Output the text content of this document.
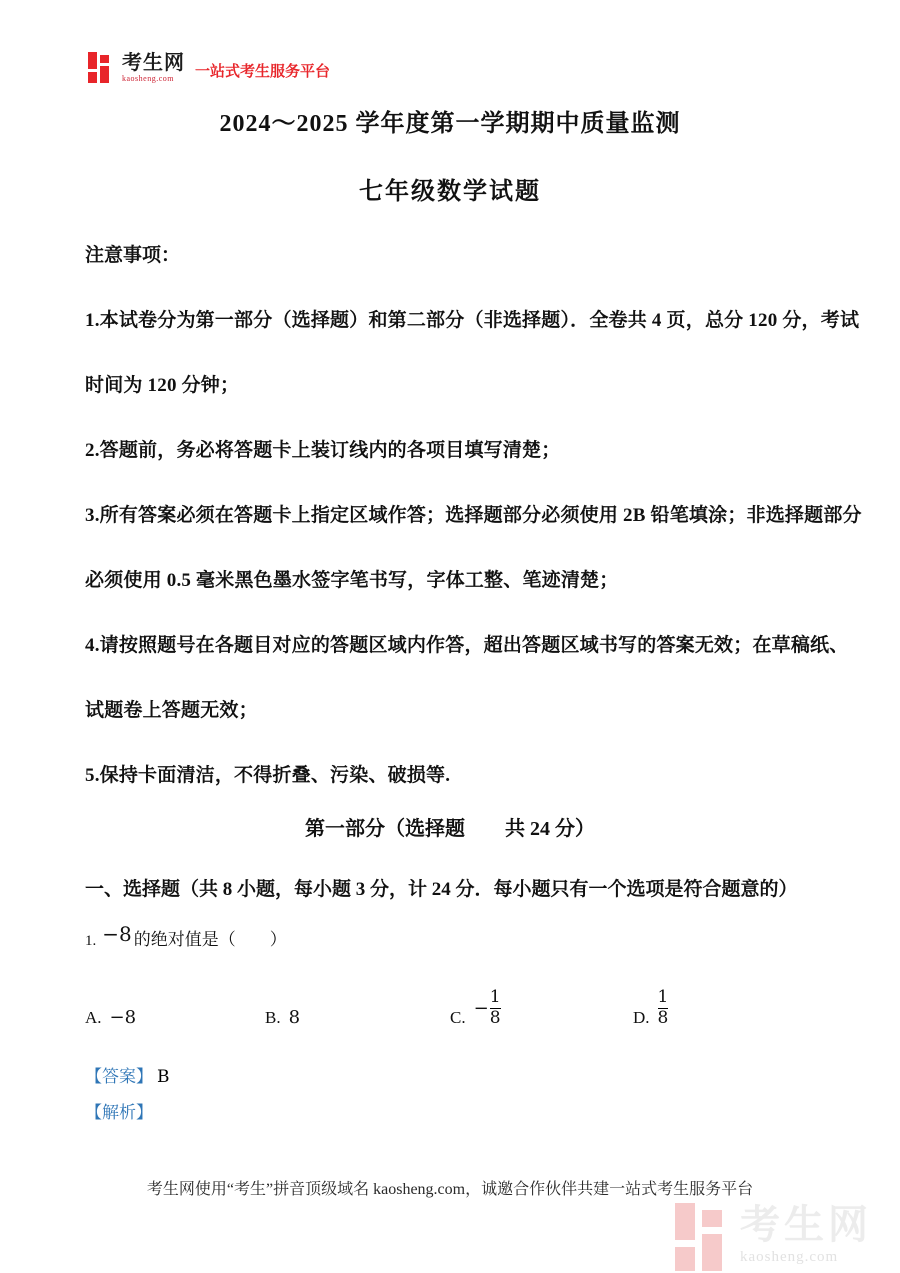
考生网
kaosheng.com	一站式考生服务平台
2024～2025 学年度第一学期期中质量监测
七年级数学试题
注意事项：
1.本试卷分为第一部分（选择题）和第二部分（非选择题）．全卷共 4 页，总分 120 分，考试
时间为 120 分钟；
2.答题前，务必将答题卡上装订线内的各项目填写清楚；
3.所有答案必须在答题卡上指定区域作答；选择题部分必须使用 2B 铅笔填涂；非选择题部分
必须使用 0.5 毫米黑色墨水签字笔书写，字体工整、笔迹清楚；
4.请按照题号在各题目对应的答题区域内作答，超出答题区域书写的答案无效；在草稿纸、
试题卷上答题无效；
5.保持卡面清洁，不得折叠、污染、破损等.
第一部分（选择题　　共 24 分）
一、选择题（共 8 小题，每小题 3 分，计 24 分．每小题只有一个选项是符合题意的）
1. −8 的绝对值是（　　）
A. −8	B. 8	C. − $\frac{1}{8}$	D. $\frac{1}{8}$
【答案】 B
【解析】
考生网使用“考生”拼音顶级域名 kaosheng.com，诚邀合作伙伴共建一站式考生服务平台
考生网
kaosheng.com
